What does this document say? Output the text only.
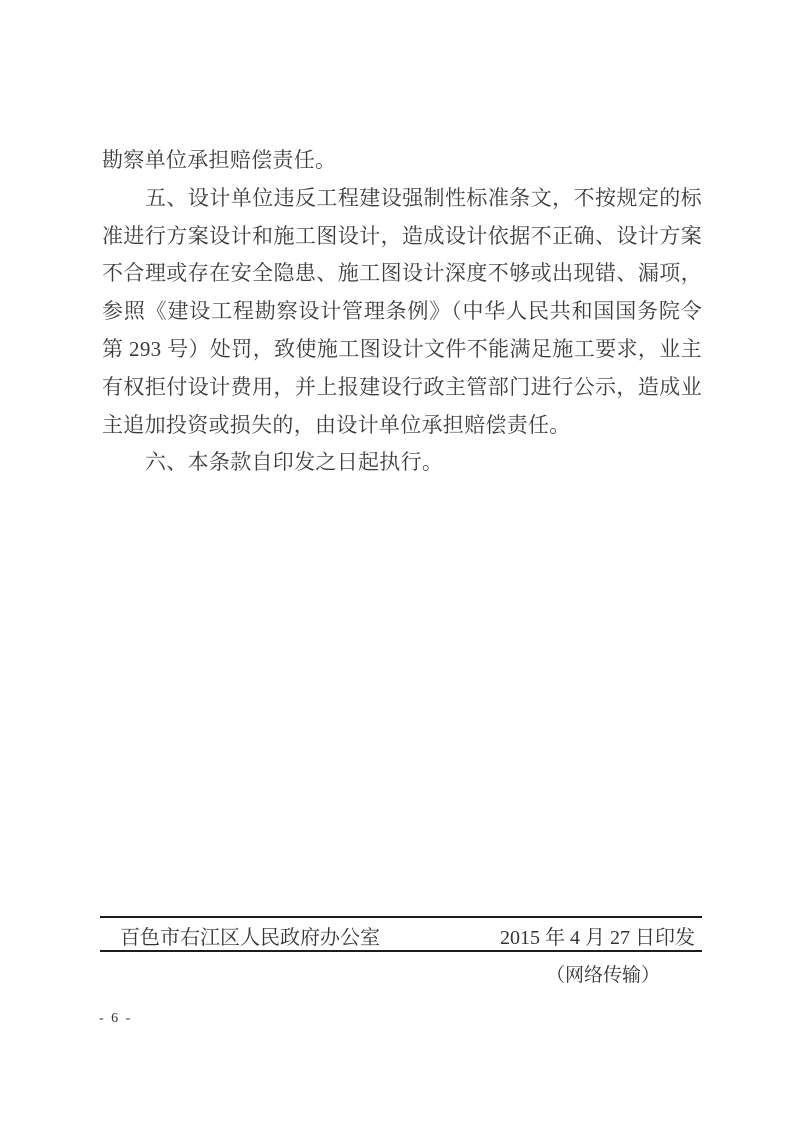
勘察单位承担赔偿责任。
五、设计单位违反工程建设强制性标准条文，不按规定的标
准进行方案设计和施工图设计，造成设计依据不正确、设计方案
不合理或存在安全隐患、施工图设计深度不够或出现错、漏项，
参照《建设工程勘察设计管理条例》（中华人民共和国国务院令
第 293 号）处罚，致使施工图设计文件不能满足施工要求，业主
有权拒付设计费用，并上报建设行政主管部门进行公示，造成业
主追加投资或损失的，由设计单位承担赔偿责任。
六、本条款自印发之日起执行。
百色市右江区人民政府办公室	2015 年 4 月 27 日印发
（网络传输）
- 6 -
